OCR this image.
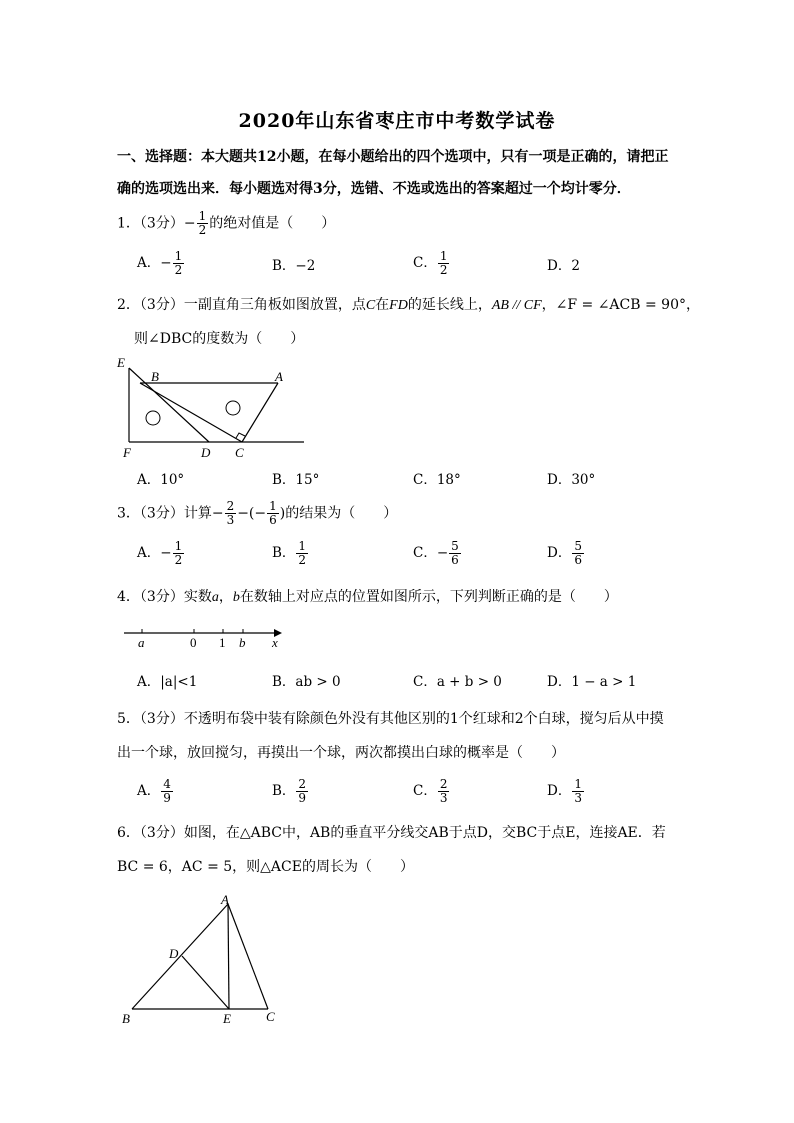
2020年山东省枣庄市中考数学试卷
一、选择题：本大题共12小题，在每小题给出的四个选项中，只有一项是正确的，请把正
确的选项选出来．每小题选对得3分，选错、不选或选出的答案超过一个均计零分．
1．（3分）− $\frac{1}{2}$ 的绝对值是（　　）
A．− $\frac{1}{2}$	B．−2	C． $\frac{1}{2}$	D．2
2．（3分）一副直角三角板如图放置，点C在FD的延长线上，AB // CF，∠F = ∠ACB = 90°，
则∠DBC的度数为（　　）
E
B	A
F	D C
A．10°	B．15°	C．18°	D．30°
3．（3分）计算− $\frac{2}{3}$ −(− $\frac{1}{6}$ )的结果为（　　）
A．− $\frac{1}{2}$	B． $\frac{1}{2}$	C．− $\frac{5}{6}$	D． $\frac{5}{6}$
4．（3分）实数a，b在数轴上对应点的位置如图所示，下列判断正确的是（　　）
a	0 1 b x
A．|a|<1	B．ab > 0	C．a + b > 0	D．1 − a > 1
5．（3分）不透明布袋中装有除颜色外没有其他区别的1个红球和2个白球，搅匀后从中摸
出一个球，放回搅匀，再摸出一个球，两次都摸出白球的概率是（　　）
A． $\frac{4}{9}$	B． $\frac{2}{9}$	C． $\frac{2}{3}$	D． $\frac{1}{3}$
6．（3分）如图，在△ABC中，AB的垂直平分线交AB于点D，交BC于点E，连接AE．若
BC = 6，AC = 5，则△ACE的周长为（　　）
A
D
B	E	C
